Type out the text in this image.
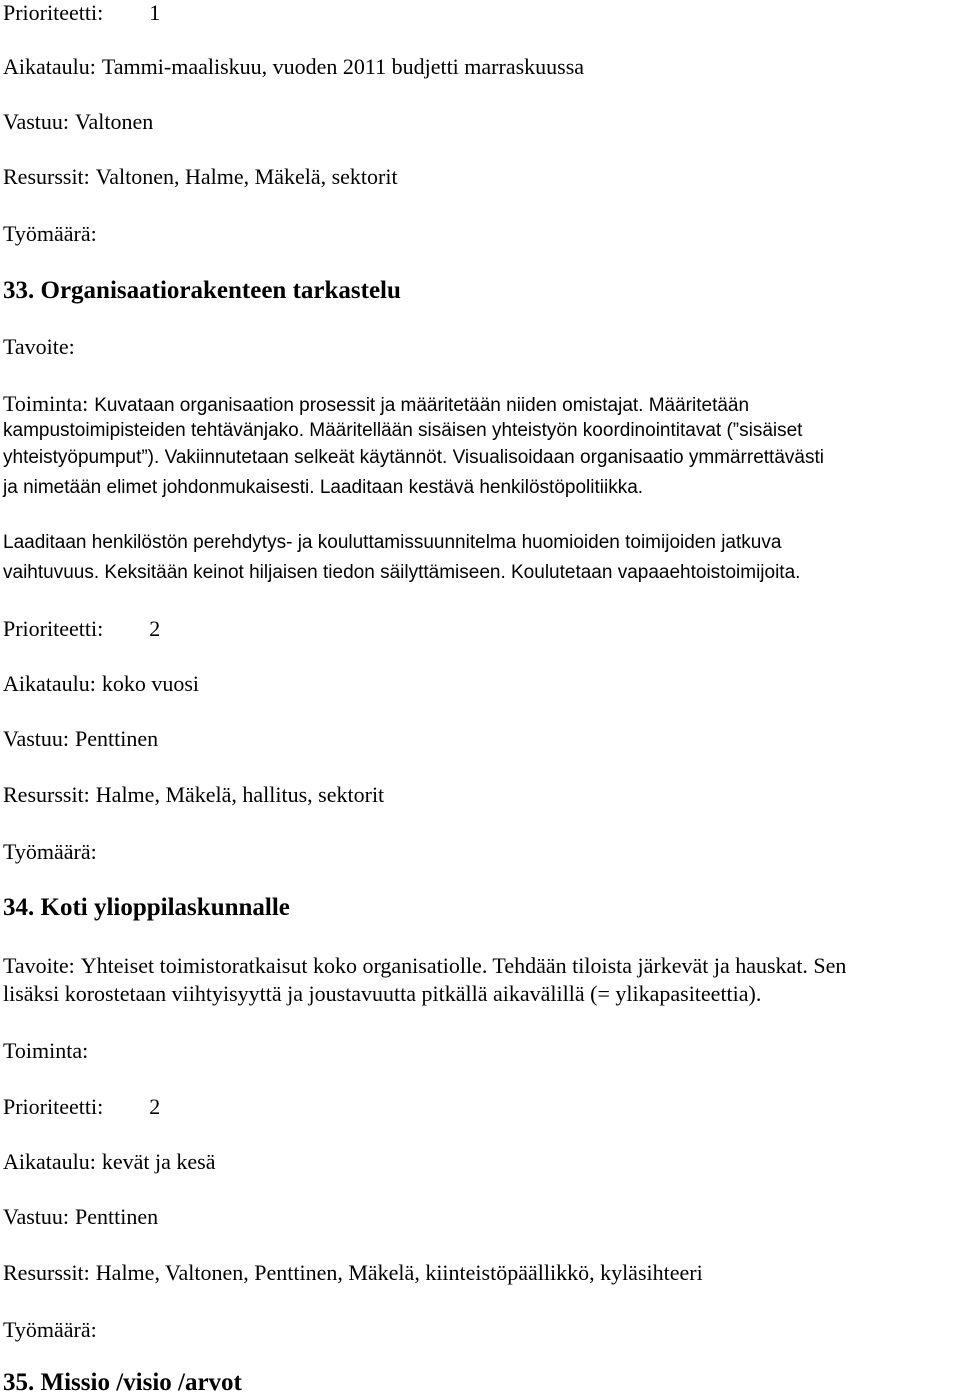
Prioriteetti: 1
Aikataulu: Tammi-maaliskuu, vuoden 2011 budjetti marraskuussa
Vastuu: Valtonen
Resurssit: Valtonen, Halme, Mäkelä, sektorit
Työmäärä:
33. Organisaatiorakenteen tarkastelu
Tavoite:
Toiminta: Kuvataan organisaation prosessit ja määritetään niiden omistajat. Määritetään
kampustoimipisteiden tehtävänjako. Määritellään sisäisen yhteistyön koordinointitavat (”sisäiset
yhteistyöpumput”). Vakiinnutetaan selkeät käytännöt. Visualisoidaan organisaatio ymmärrettävästi
ja nimetään elimet johdonmukaisesti. Laaditaan kestävä henkilöstöpolitiikka.
Laaditaan henkilöstön perehdytys- ja kouluttamissuunnitelma huomioiden toimijoiden jatkuva
vaihtuvuus. Keksitään keinot hiljaisen tiedon säilyttämiseen. Koulutetaan vapaaehtoistoimijoita.
Prioriteetti: 2
Aikataulu: koko vuosi
Vastuu: Penttinen
Resurssit: Halme, Mäkelä, hallitus, sektorit
Työmäärä:
34. Koti ylioppilaskunnalle
Tavoite: Yhteiset toimistoratkaisut koko organisatiolle. Tehdään tiloista järkevät ja hauskat. Sen
lisäksi korostetaan viihtyisyyttä ja joustavuutta pitkällä aikavälillä (= ylikapasiteettia).
Toiminta:
Prioriteetti: 2
Aikataulu: kevät ja kesä
Vastuu: Penttinen
Resurssit: Halme, Valtonen, Penttinen, Mäkelä, kiinteistöpäällikkö, kyläsihteeri
Työmäärä:
35. Missio /visio /arvot
